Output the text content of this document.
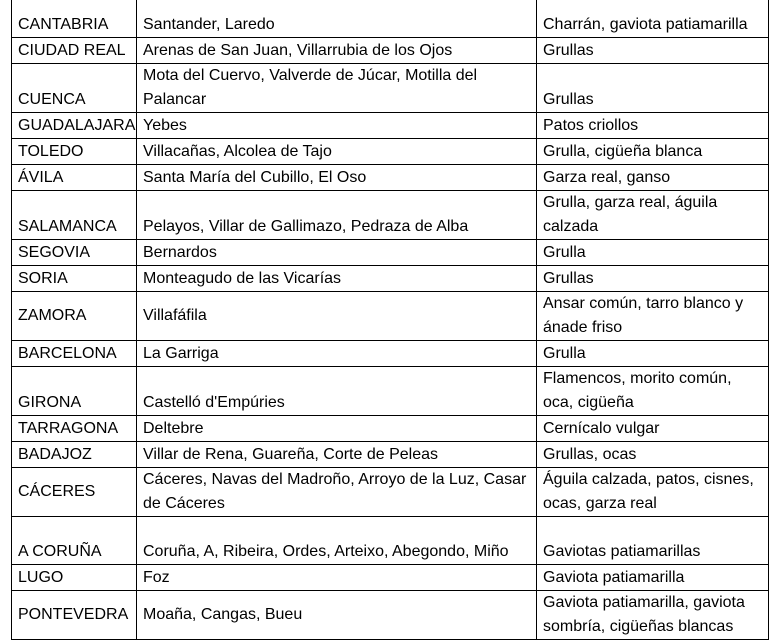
CANTABRIA	Santander, Laredo	Charrán, gaviota patiamarilla
CIUDAD REAL	Arenas de San Juan, Villarrubia de los Ojos	Grullas
CUENCA	Mota del Cuervo, Valverde de Júcar, Motilla del Palancar	Grullas
GUADALAJARA	Yebes	Patos criollos
TOLEDO	Villacañas, Alcolea de Tajo	Grulla, cigüeña blanca
ÁVILA	Santa María del Cubillo, El Oso	Garza real, ganso
SALAMANCA	Pelayos, Villar de Gallimazo, Pedraza de Alba	Grulla, garza real, águila calzada
SEGOVIA	Bernardos	Grulla
SORIA	Monteagudo de las Vicarías	Grullas
ZAMORA	Villafáfila	Ansar común, tarro blanco y ánade friso
BARCELONA	La Garriga	Grulla
GIRONA	Castelló d'Empúries	Flamencos, morito común, oca, cigüeña
TARRAGONA	Deltebre	Cernícalo vulgar
BADAJOZ	Villar de Rena, Guareña, Corte de Peleas	Grullas, ocas
CÁCERES	Cáceres, Navas del Madroño, Arroyo de la Luz, Casar de Cáceres	Águila calzada, patos, cisnes, ocas, garza real
A CORUÑA	Coruña, A, Ribeira, Ordes, Arteixo, Abegondo, Miño	Gaviotas patiamarillas
LUGO	Foz	Gaviota patiamarilla
PONTEVEDRA	Moaña, Cangas, Bueu	Gaviota patiamarilla, gaviota sombría, cigüeñas blancas
